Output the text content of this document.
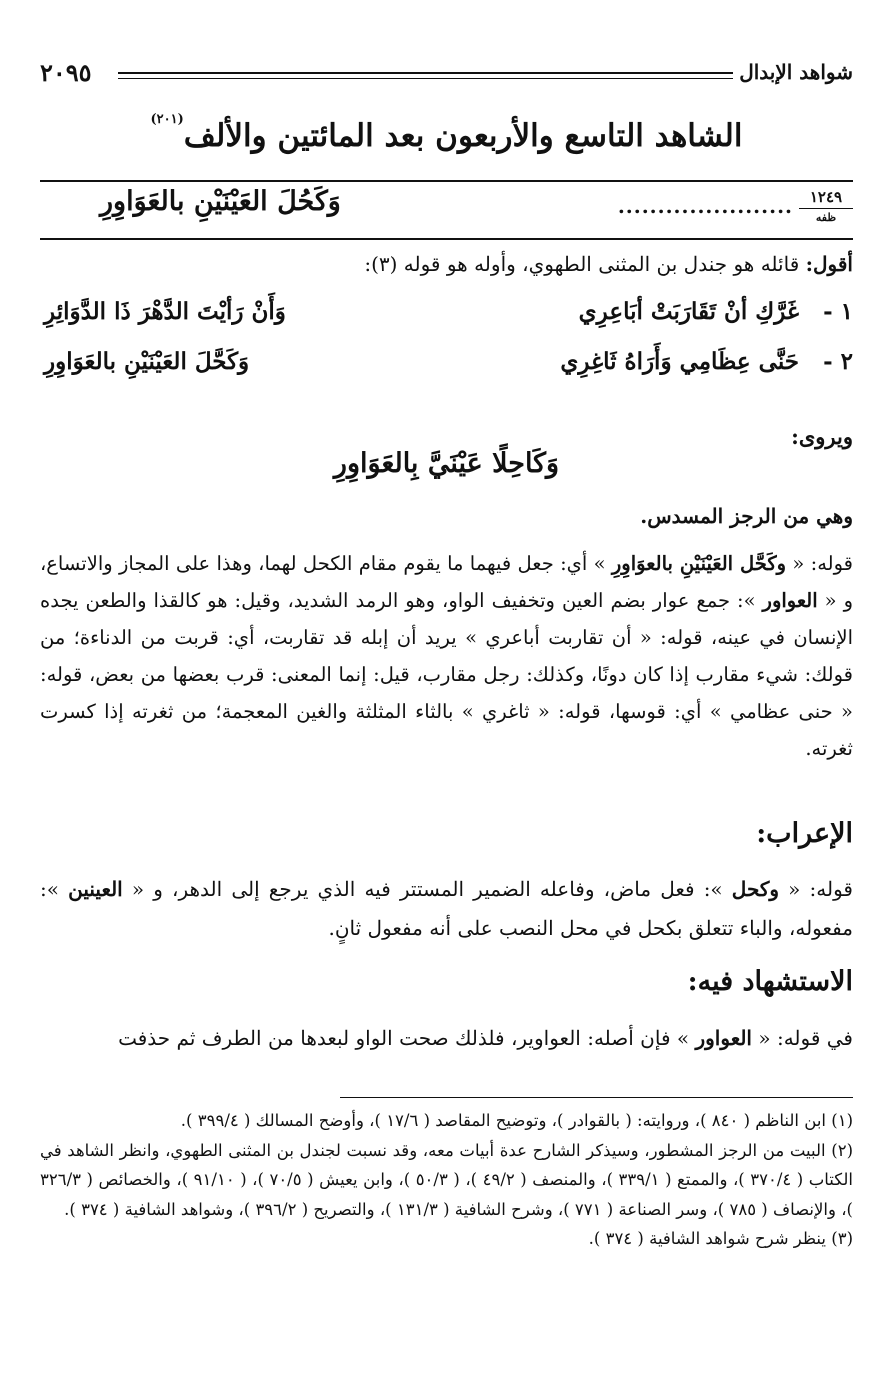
شواهد الإبدال
٢٠٩٥
الشاهد التاسع والأربعون بعد المائتين والألف$^{(٢٠١)}$
١٢٤٩
ظفه
......................
وَكَحُلَ العَيْنَيْنِ بالعَوَاوِرِ
أقول: قائله هو جندل بن المثنى الطهوي، وأوله هو قوله (٣):
١ -
غَرَّكِ أنْ تَقَارَبَتْ أبَاعِرِي
وَأَنْ رَأيْتَ الدَّهْرَ ذَا الدَّوَائِرِ
٢ -
حَنَّى عِظَامِي وَأَرَاهُ ثَاغِرِي
وَكَحَّلَ العَيْنَيْنِ بالعَوَاوِرِ
ويروى:
وَكَاحِلًا عَيْنَيَّ بِالعَوَاوِرِ
وهي من الرجز المسدس.
قوله: « وكَحَّل العَيْنَيْنِ بالعوَاوِرِ » أي: جعل فيهما ما يقوم مقام الكحل لهما، وهذا على المجاز والاتساع، و « العواور »: جمع عوار بضم العين وتخفيف الواو، وهو الرمد الشديد، وقيل: هو كالقذا والطعن يجده الإنسان في عينه، قوله: « أن تقاربت أباعري » يريد أن إبله قد تقاربت، أي: قربت من الدناءة؛ من قولك: شيء مقارب إذا كان دونًا، وكذلك: رجل مقارب، قيل: إنما المعنى: قرب بعضها من بعض، قوله: « حنى عظامي » أي: قوسها، قوله: « ثاغري » بالثاء المثلثة والغين المعجمة؛ من ثغرته إذا كسرت ثغرته.
الإعراب:
قوله: « وكحل »: فعل ماض، وفاعله الضمير المستتر فيه الذي يرجع إلى الدهر، و « العينين »: مفعوله، والباء تتعلق بكحل في محل النصب على أنه مفعول ثانٍ.
الاستشهاد فيه:
في قوله: « العواور » فإن أصله: العواوير، فلذلك صحت الواو لبعدها من الطرف ثم حذفت

(١) ابن الناظم ( ٨٤٠ )، وروايته: ( بالقوادر )، وتوضيح المقاصد ( ١٧/٦ )، وأوضح المسالك ( ٣٩٩/٤ ).

(٢) البيت من الرجز المشطور، وسيذكر الشارح عدة أبيات معه، وقد نسبت لجندل بن المثنى الطهوي، وانظر الشاهد في الكتاب ( ٣٧٠/٤ )، والممتع ( ٣٣٩/١ )، والمنصف ( ٤٩/٢ )، ( ٥٠/٣ )، وابن يعيش ( ٧٠/٥ )، ( ٩١/١٠ )، والخصائص ( ٣٢٦/٣ )، والإنصاف ( ٧٨٥ )، وسر الصناعة ( ٧٧١ )، وشرح الشافية ( ١٣١/٣ )، والتصريح ( ٣٩٦/٢ )، وشواهد الشافية ( ٣٧٤ ).

(٣) ينظر شرح شواهد الشافية ( ٣٧٤ ).
